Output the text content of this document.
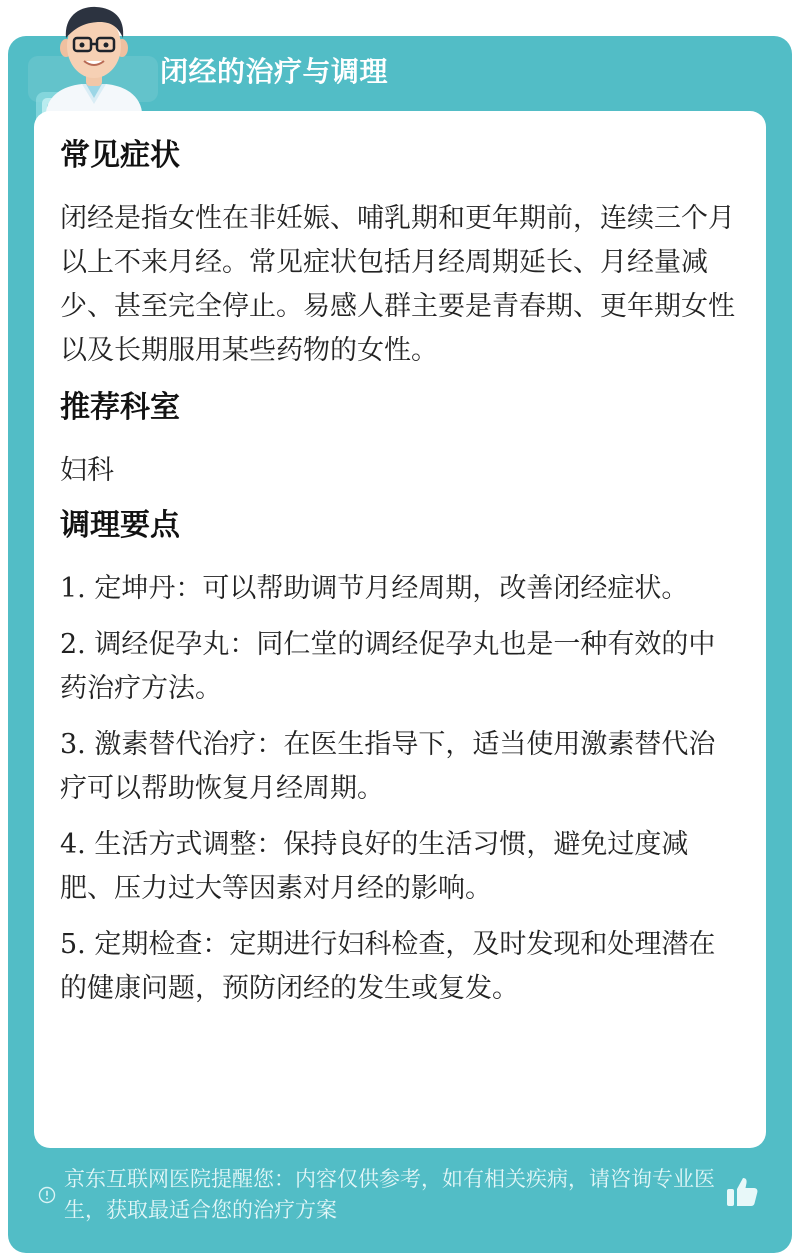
闭经的治疗与调理
常见症状

闭经是指女性在非妊娠、哺乳期和更年期前，连续三个月以上不来月经。常见症状包括月经周期延长、月经量减少、甚至完全停止。易感人群主要是青春期、更年期女性以及长期服用某些药物的女性。

推荐科室
妇科
调理要点
1. 定坤丹：可以帮助调节月经周期，改善闭经症状。
2. 调经促孕丸：同仁堂的调经促孕丸也是一种有效的中药治疗方法。
3. 激素替代治疗：在医生指导下，适当使用激素替代治疗可以帮助恢复月经周期。
4. 生活方式调整：保持良好的生活习惯，避免过度减肥、压力过大等因素对月经的影响。
5. 定期检查：定期进行妇科检查，及时发现和处理潜在的健康问题，预防闭经的发生或复发。
京东互联网医院提醒您：内容仅供参考，如有相关疾病，请咨询专业医生，获取最适合您的治疗方案
